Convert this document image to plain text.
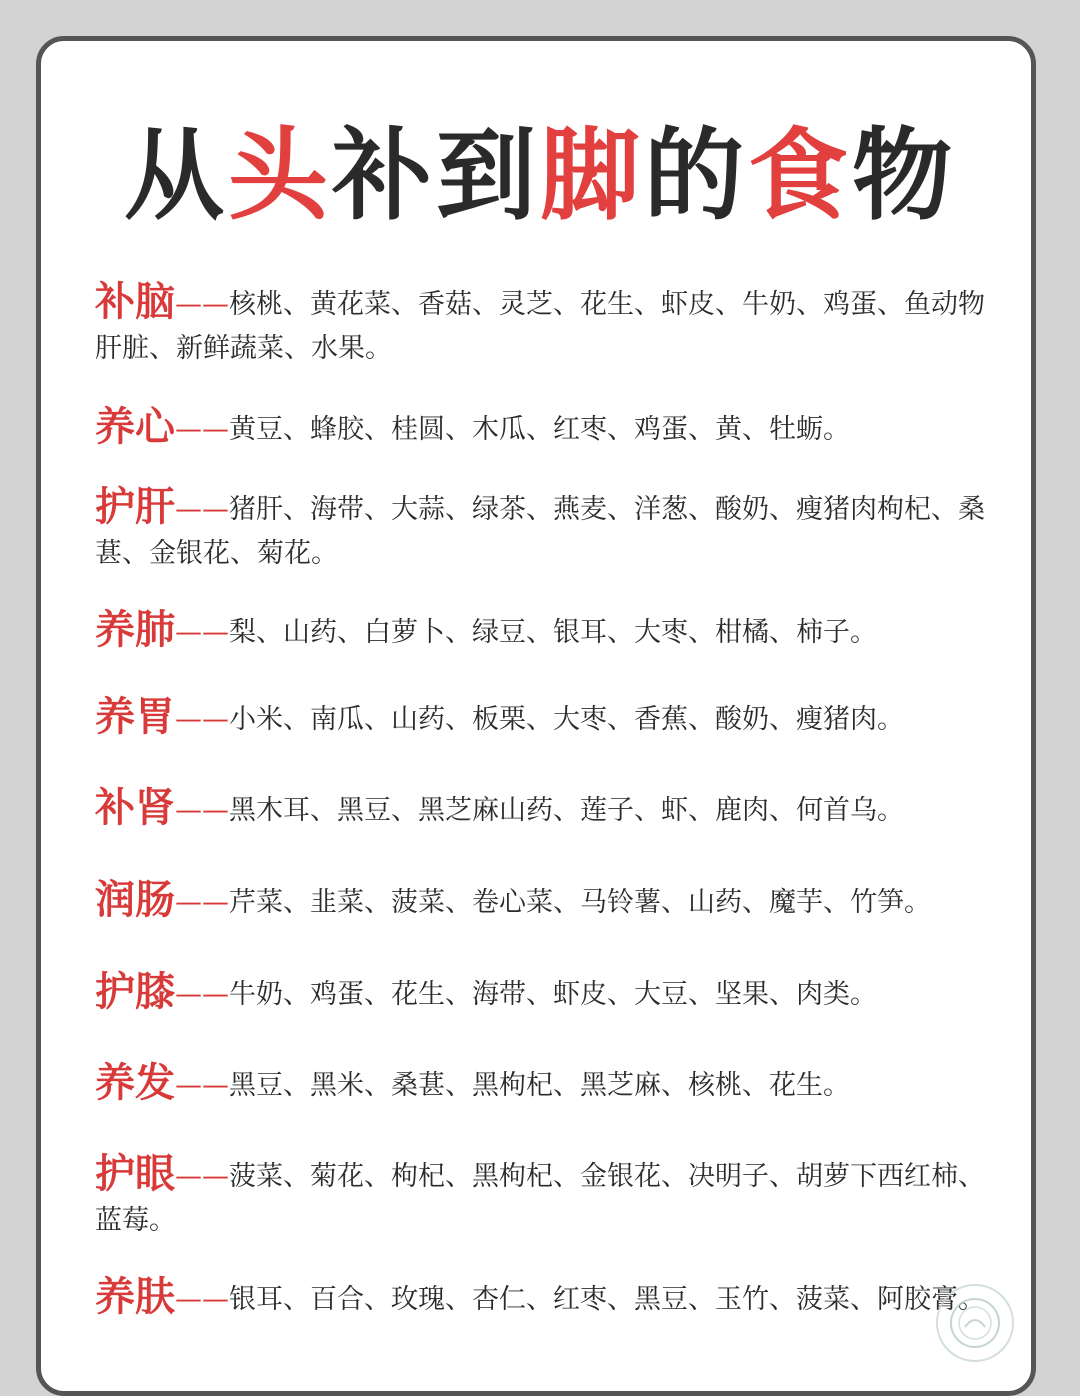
从头补到脚的食物
补脑——核桃、黄花菜、香菇、灵芝、花生、虾皮、牛奶、鸡蛋、鱼动物肝脏、新鲜蔬菜、水果。
养心——黄豆、蜂胶、桂圆、木瓜、红枣、鸡蛋、黄、牡蛎。
护肝——猪肝、海带、大蒜、绿茶、燕麦、洋葱、酸奶、瘦猪肉枸杞、桑葚、金银花、菊花。
养肺——梨、山药、白萝卜、绿豆、银耳、大枣、柑橘、柿子。
养胃——小米、南瓜、山药、板栗、大枣、香蕉、酸奶、瘦猪肉。
补肾——黑木耳、黑豆、黑芝麻山药、莲子、虾、鹿肉、何首乌。
润肠——芹菜、韭菜、菠菜、卷心菜、马铃薯、山药、魔芋、竹笋。
护膝——牛奶、鸡蛋、花生、海带、虾皮、大豆、坚果、肉类。
养发——黑豆、黑米、桑葚、黑枸杞、黑芝麻、核桃、花生。
护眼——菠菜、菊花、枸杞、黑枸杞、金银花、决明子、胡萝下西红柿、蓝莓。
养肤——银耳、百合、玫瑰、杏仁、红枣、黑豆、玉竹、菠菜、阿胶膏。
